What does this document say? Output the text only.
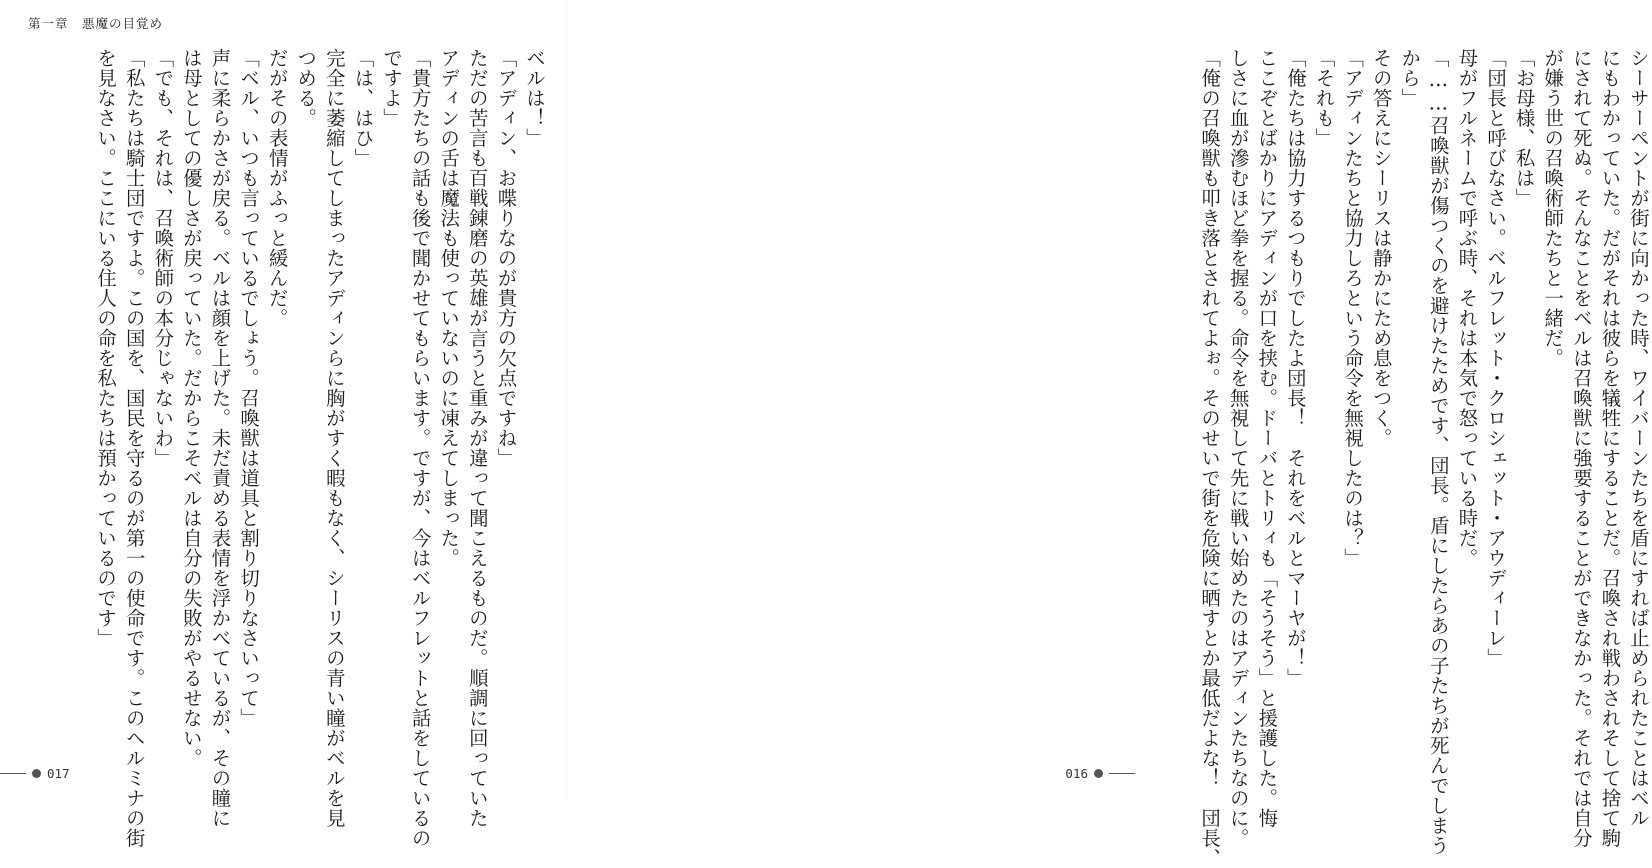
第一章　悪魔の目覚め
ベルは！」
「アディン、お喋りなのが貴方の欠点ですね」
ただの苦言も百戦錬磨の英雄が言うと重みが違って聞こえるものだ。順調に回っていた
アディンの舌は魔法も使っていないのに凍えてしまった。
「貴方たちの話も後で聞かせてもらいます。ですが、今はベルフレットと話をしているの
ですよ」
「は、はひ」
完全に萎縮してしまったアディンらに胸がすく暇もなく、シーリスの青い瞳がベルを見
つめる。
だがその表情がふっと緩んだ。
「ベル、いつも言っているでしょう。召喚獣は道具と割り切りなさいって」
声に柔らかさが戻る。ベルは顔を上げた。未だ責める表情を浮かべているが、その瞳に
は母としての優しさが戻っていた。だからこそベルは自分の失敗がやるせない。
「でも、それは、召喚術師の本分じゃないわ」
「私たちは騎士団ですよ。この国を、国民を守るのが第一の使命です。このヘルミナの街
を見なさい。ここにいる住人の命を私たちは預かっているのです」
017	シーサーペントが街に向かった時、ワイバーンたちを盾にすれば止められたことはベル
にもわかっていた。だがそれは彼らを犠牲にすることだ。召喚され戦わされそして捨て駒
にされて死ぬ。そんなことをベルは召喚獣に強要することができなかった。それでは自分
が嫌う世の召喚術師たちと一緒だ。
「お母様、私は」
「団長と呼びなさい。ベルフレット・クロシェット・アウディーレ」
母がフルネームで呼ぶ時、それは本気で怒っている時だ。
「……召喚獣が傷つくのを避けたためです、団長。盾にしたらあの子たちが死んでしまう
から」
その答えにシーリスは静かにため息をつく。
「アディンたちと協力しろという命令を無視したのは？」
「それも」
「俺たちは協力するつもりでしたよ団長！　それをベルとマーヤが！」
ここぞとばかりにアディンが口を挟む。ドーバとトリィも「そうそう」と援護した。悔
しさに血が滲むほど拳を握る。命令を無視して先に戦い始めたのはアディンたちなのに。
「俺の召喚獣も叩き落とされてよぉ。そのせいで街を危険に晒すとか最低だよな！　団長、
016
